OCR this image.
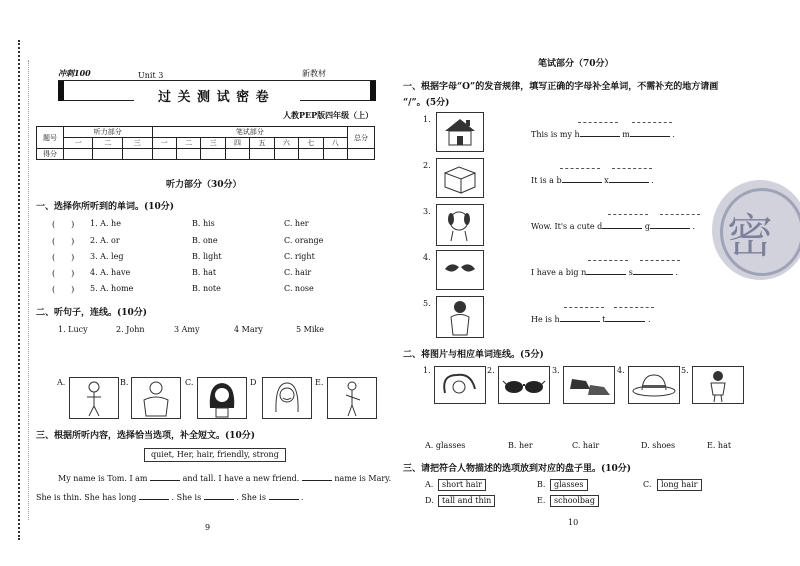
冲刺100	Unit 3	新教材
过 关 测 试 密 卷
人教PEP版四年级（上）
题号	听力部分			笔试部分								总分
	一	二	三	一	二	三	四	五	六	七	八	
得分												
听力部分（30分）
一、选择你所听到的单词。(10分)
(　　) 1. A. he	B. his	C. her
(　　) 2. A. or	B. one	C. orange
(　　) 3. A. leg	B. light	C. right
(　　) 4. A. have	B. hat	C. hair
(　　) 5. A. home	B. note	C. nose
二、听句子，连线。(10分)
1. Lucy	2. John	3 Amy	4 Mary	5 Mike
A.	B.	C.	D	E.
三、根据所听内容，选择恰当选项，补全短文。(10分)
quiet, Her, hair, friendly, strong
My name is Tom. I am	and tall. I have a new friend.	name is Mary.
She is thin. She has long	. She is	. She is	.
9
笔试部分（70分）
一、根据字母“O”的发音规律，填写正确的字母补全单词，不需补充的地方请画
“/”。(5分)
1.
This is my h	m	.
2.
It is a b	x	.
3.
Wow. It's a cute d	g	.
4.
I have a big n	s	.
5.
He is h	t	.
密
二、将图片与相应单词连线。(5分)
1.	2.	3.	4.	5.
A. glasses	B. her	C. hair	D. shoes	E. hat
三、请把符合人物描述的选项放到对应的盘子里。(10分)
A.	short hair	B.	glasses	C.	long hair
D.	tall and thin	E.	schoolbag
10
